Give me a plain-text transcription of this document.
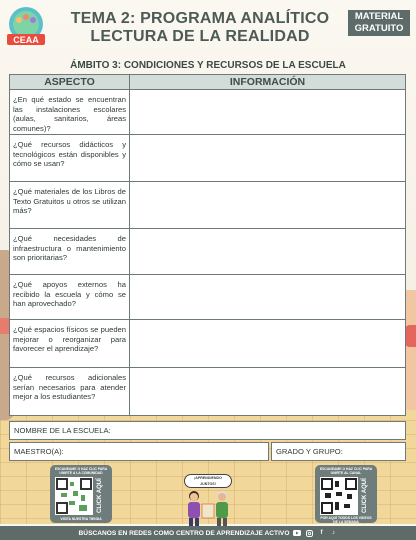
CEAA
TEMA 2: PROGRAMA ANALÍTICO
LECTURA DE LA REALIDAD
MATERIAL
GRATUITO
ÁMBITO 3: CONDICIONES Y RECURSOS DE LA ESCUELA
ASPECTO	INFORMACIÓN
¿En qué estado se encuentran las instalaciones escolares (aulas, sanitarios, áreas comunes)?
¿Qué recursos didácticos y tecnológicos están disponibles y cómo se usan?
¿Qué materiales de los Libros de Texto Gratuitos u otros se utilizan más?
¿Qué necesidades de infraestructura o mantenimiento son prioritarias?
¿Qué apoyos externos ha recibido la escuela y cómo se han aprovechado?
¿Qué espacios físicos se pueden mejorar o reorganizar para favorecer el aprendizaje?
¿Qué recursos adicionales serían necesarios para atender mejor a los estudiantes?
NOMBRE DE LA ESCUELA:
MAESTRO(A):	GRADO Y GRUPO:
ESCANEAME O HAZ CLIC PARA UNIRTE A LA COMUNIDAD
VISITA NUESTRA TIENDA
CLICK AQUÍ
¡APRENDIENDO
JUNTOS!
ESCANEAME O HAZ CLIC PARA UNIRTE AL CANAL
POR AQUÍ TODOS LOS VIDEOS DE LA SEMANA
CLICK AQUÍ
BÚSCANOS EN REDES COMO CENTRO DE APRENDIZAJE ACTIVO	f	♪
